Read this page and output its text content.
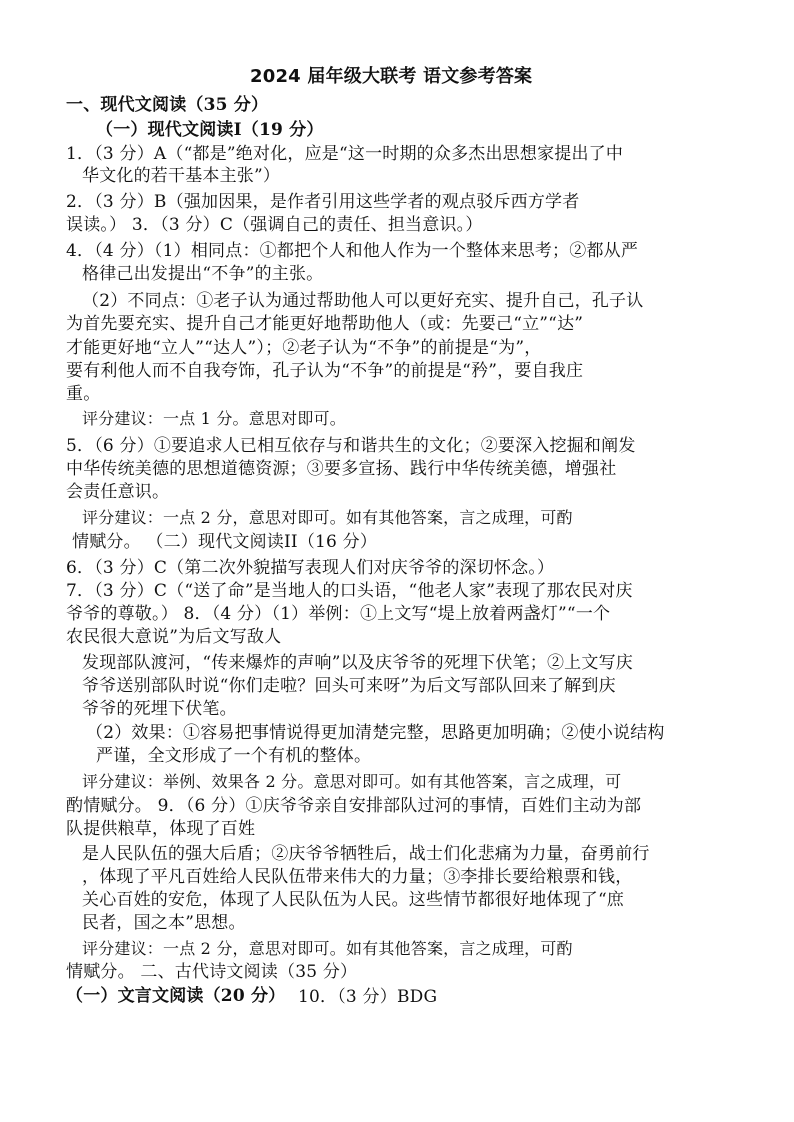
2024 届年级大联考 语文参考答案
一、现代文阅读（35 分）
（一）现代文阅读I（19 分）
1．（3 分）A（“都是”绝对化，应是“这一时期的众多杰出思想家提出了中
华文化的若干基本主张”）
2．（3 分）B（强加因果，是作者引用这些学者的观点驳斥西方学者
误读。） 3．（3 分）C（强调自己的责任、担当意识。）
4．（4 分）（1）相同点：①都把个人和他人作为一个整体来思考；②都从严
格律己出发提出“不争”的主张。
（2）不同点：①老子认为通过帮助他人可以更好充实、提升自己，孔子认
为首先要充实、提升自己才能更好地帮助他人（或：先要己“立”“达”
才能更好地“立人”“达人”）；②老子认为“不争”的前提是“为”，
要有利他人而不自我夸饰，孔子认为“不争”的前提是“矜”，要自我庄
重。
评分建议：一点 1 分。意思对即可。
5．（6 分）①要追求人已相互依存与和谐共生的文化；②要深入挖掘和阐发
中华传统美德的思想道德资源；③要多宣扬、践行中华传统美德，增强社
会责任意识。
评分建议：一点 2 分，意思对即可。如有其他答案，言之成理，可酌
情赋分。 （二）现代文阅读II（16 分）
6．（3 分）C（第二次外貌描写表现人们对庆爷爷的深切怀念。）
7．（3 分）C（“送了命”是当地人的口头语，“他老人家”表现了那农民对庆
爷爷的尊敬。） 8．（4 分）（1）举例：①上文写“堤上放着两盏灯”“一个
农民很大意说”为后文写敌人
发现部队渡河，“传来爆炸的声响”以及庆爷爷的死埋下伏笔；②上文写庆
爷爷送别部队时说“你们走啦？回头可来呀”为后文写部队回来了解到庆
爷爷的死埋下伏笔。
（2）效果：①容易把事情说得更加清楚完整，思路更加明确；②使小说结构
严谨，全文形成了一个有机的整体。
评分建议：举例、效果各 2 分。意思对即可。如有其他答案，言之成理，可
酌情赋分。 9．（6 分）①庆爷爷亲自安排部队过河的事情，百姓们主动为部
队提供粮草，体现了百姓
是人民队伍的强大后盾；②庆爷爷牺牲后，战士们化悲痛为力量，奋勇前行
，体现了平凡百姓给人民队伍带来伟大的力量；③李排长要给粮票和钱，
关心百姓的安危，体现了人民队伍为人民。这些情节都很好地体现了“庶
民者，国之本”思想。
评分建议：一点 2 分，意思对即可。如有其他答案，言之成理，可酌
情赋分。 二、古代诗文阅读（35 分）
（一）文言文阅读（20 分） 10．（3 分）BDG
